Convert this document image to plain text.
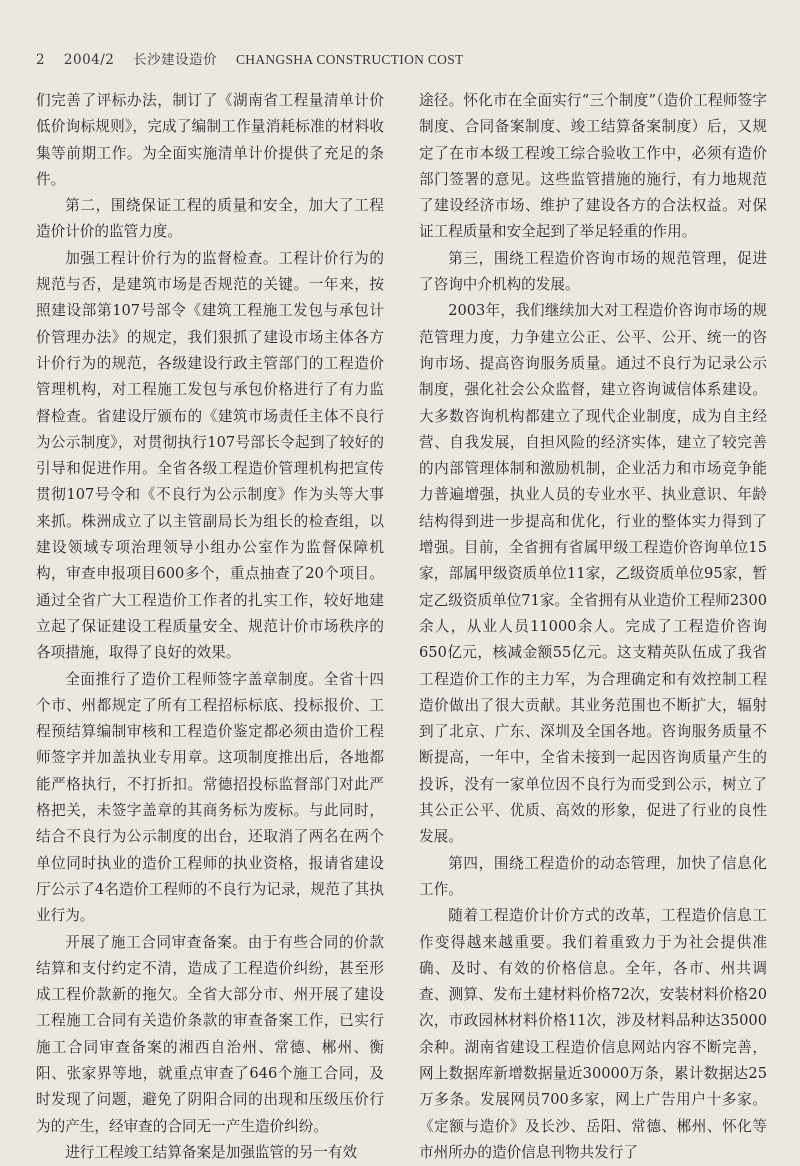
2 2004/2 长沙建设造价 CHANGSHA CONSTRUCTION COST

们完善了评标办法，制订了《湖南省工程量清单计价低价询标规则》，完成了编制工作量消耗标准的材料收集等前期工作。为全面实施清单计价提供了充足的条件。

第二，围绕保证工程的质量和安全，加大了工程造价计价的监管力度。

加强工程计价行为的监督检查。工程计价行为的规范与否，是建筑市场是否规范的关键。一年来，按照建设部第107号部令《建筑工程施工发包与承包计价管理办法》的规定，我们狠抓了建设市场主体各方计价行为的规范，各级建设行政主管部门的工程造价管理机构，对工程施工发包与承包价格进行了有力监督检查。省建设厅颁布的《建筑市场责任主体不良行为公示制度》，对贯彻执行107号部长令起到了较好的引导和促进作用。全省各级工程造价管理机构把宣传贯彻107号令和《不良行为公示制度》作为头等大事来抓。株洲成立了以主管副局长为组长的检查组，以建设领域专项治理领导小组办公室作为监督保障机构，审查申报项目600多个，重点抽查了20个项目。通过全省广大工程造价工作者的扎实工作，较好地建立起了保证建设工程质量安全、规范计价市场秩序的各项措施，取得了良好的效果。

全面推行了造价工程师签字盖章制度。全省十四个市、州都规定了所有工程招标标底、投标报价、工程预结算编制审核和工程造价鉴定都必须由造价工程师签字并加盖执业专用章。这项制度推出后，各地都能严格执行，不打折扣。常德招投标监督部门对此严格把关，未签字盖章的其商务标为废标。与此同时，结合不良行为公示制度的出台，还取消了两名在两个单位同时执业的造价工程师的执业资格，报请省建设厅公示了4名造价工程师的不良行为记录，规范了其执业行为。

开展了施工合同审查备案。由于有些合同的价款结算和支付约定不清，造成了工程造价纠纷，甚至形成工程价款新的拖欠。全省大部分市、州开展了建设工程施工合同有关造价条款的审查备案工作，已实行施工合同审查备案的湘西自治州、常德、郴州、衡阳、张家界等地，就重点审查了646个施工合同，及时发现了问题，避免了阴阳合同的出现和压级压价行为的产生，经审查的合同无一产生造价纠纷。

进行工程竣工结算备案是加强监管的另一有效

途径。怀化市在全面实行“三个制度”（造价工程师签字制度、合同备案制度、竣工结算备案制度）后，又规定了在市本级工程竣工综合验收工作中，必须有造价部门签署的意见。这些监管措施的施行，有力地规范了建设经济市场、维护了建设各方的合法权益。对保证工程质量和安全起到了举足轻重的作用。

第三，围绕工程造价咨询市场的规范管理，促进了咨询中介机构的发展。

2003年，我们继续加大对工程造价咨询市场的规范管理力度，力争建立公正、公平、公开、统一的咨询市场、提高咨询服务质量。通过不良行为记录公示制度，强化社会公众监督，建立咨询诚信体系建设。大多数咨询机构都建立了现代企业制度，成为自主经营、自我发展，自担风险的经济实体，建立了较完善的内部管理体制和激励机制，企业活力和市场竞争能力普遍增强，执业人员的专业水平、执业意识、年龄结构得到进一步提高和优化，行业的整体实力得到了增强。目前，全省拥有省属甲级工程造价咨询单位15家，部属甲级资质单位11家，乙级资质单位95家，暂定乙级资质单位71家。全省拥有从业造价工程师2300余人，从业人员11000余人。完成了工程造价咨询650亿元，核减金额55亿元。这支精英队伍成了我省工程造价工作的主力军，为合理确定和有效控制工程造价做出了很大贡献。其业务范围也不断扩大，辐射到了北京、广东、深圳及全国各地。咨询服务质量不断提高，一年中，全省未接到一起因咨询质量产生的投诉，没有一家单位因不良行为而受到公示，树立了其公正公平、优质、高效的形象，促进了行业的良性发展。

第四，围绕工程造价的动态管理，加快了信息化工作。

随着工程造价计价方式的改革，工程造价信息工作变得越来越重要。我们着重致力于为社会提供准确、及时、有效的价格信息。全年，各市、州共调查、测算、发布土建材料价格72次，安装材料价格20次，市政园林材料价格11次，涉及材料品种达35000余种。湖南省建设工程造价信息网站内容不断完善，网上数据库新增数据量近30000万条，累计数据达25万多条。发展网员700多家，网上广告用户十多家。《定额与造价》及长沙、岳阳、常德、郴州、怀化等市州所办的造价信息刊物共发行了
